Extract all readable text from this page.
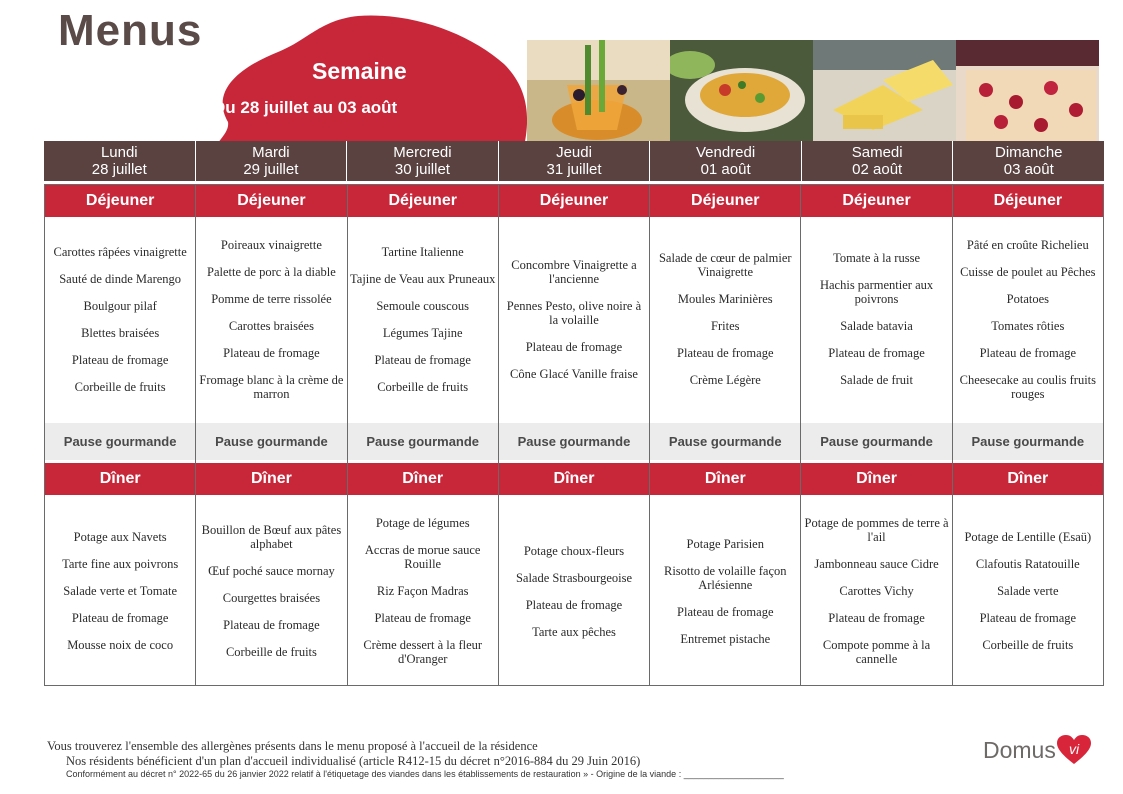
Menus
Semaine
Du 28 juillet au 03 août
Lundi
28 juillet
Mardi
29 juillet
Mercredi
30 juillet
Jeudi
31 juillet
Vendredi
01 août
Samedi
02 août
Dimanche
03 août
Déjeuner
Carottes râpées vinaigrette
Sauté de dinde Marengo
Boulgour pilaf
Blettes braisées
Plateau de fromage
Corbeille de fruits
Pause gourmande
Dîner
Potage aux Navets
Tarte fine aux poivrons
Salade verte et Tomate
Plateau de fromage
Mousse noix de coco
Déjeuner
Poireaux vinaigrette
Palette de porc à la diable
Pomme de terre rissolée
Carottes braisées
Plateau de fromage
Fromage blanc à la crème de marron
Pause gourmande
Dîner
Bouillon de Bœuf aux pâtes alphabet
Œuf poché sauce mornay
Courgettes braisées
Plateau de fromage
Corbeille de fruits
Déjeuner
Tartine Italienne
Tajine de Veau aux Pruneaux
Semoule couscous
Légumes Tajine
Plateau de fromage
Corbeille de fruits
Pause gourmande
Dîner
Potage de légumes
Accras de morue sauce Rouille
Riz Façon Madras
Plateau de fromage
Crème dessert à la fleur d'Oranger
Déjeuner
Concombre Vinaigrette a l'ancienne
Pennes Pesto, olive noire à la volaille
Plateau de fromage
Cône Glacé Vanille fraise
Pause gourmande
Dîner
Potage choux-fleurs
Salade Strasbourgeoise
Plateau de fromage
Tarte aux pêches
Déjeuner
Salade de cœur de palmier Vinaigrette
Moules Marinières
Frites
Plateau de fromage
Crème Légère
Pause gourmande
Dîner
Potage Parisien
Risotto de volaille façon Arlésienne
Plateau de fromage
Entremet pistache
Déjeuner
Tomate à la russe
Hachis parmentier aux poivrons
Salade batavia
Plateau de fromage
Salade de fruit
Pause gourmande
Dîner
Potage de pommes de terre à l'ail
Jambonneau sauce Cidre
Carottes Vichy
Plateau de fromage
Compote pomme à la cannelle
Déjeuner
Pâté en croûte Richelieu
Cuisse de poulet au Pêches
Potatoes
Tomates rôties
Plateau de fromage
Cheesecake au coulis fruits rouges
Pause gourmande
Dîner
Potage de Lentille (Esaü)
Clafoutis Ratatouille
Salade verte
Plateau de fromage
Corbeille de fruits
Vous trouverez l'ensemble des allergènes présents dans le menu proposé à l'accueil de la résidence
Nos résidents bénéficient d'un plan d'accueil individualisé (article R412-15 du décret n°2016-884 du 29 Juin 2016)
Conformément au décret n° 2022-65 du 26 janvier 2022 relatif à l'étiquetage des viandes dans les établissements de restauration » - Origine de la viande : ____________________
Domus vi
